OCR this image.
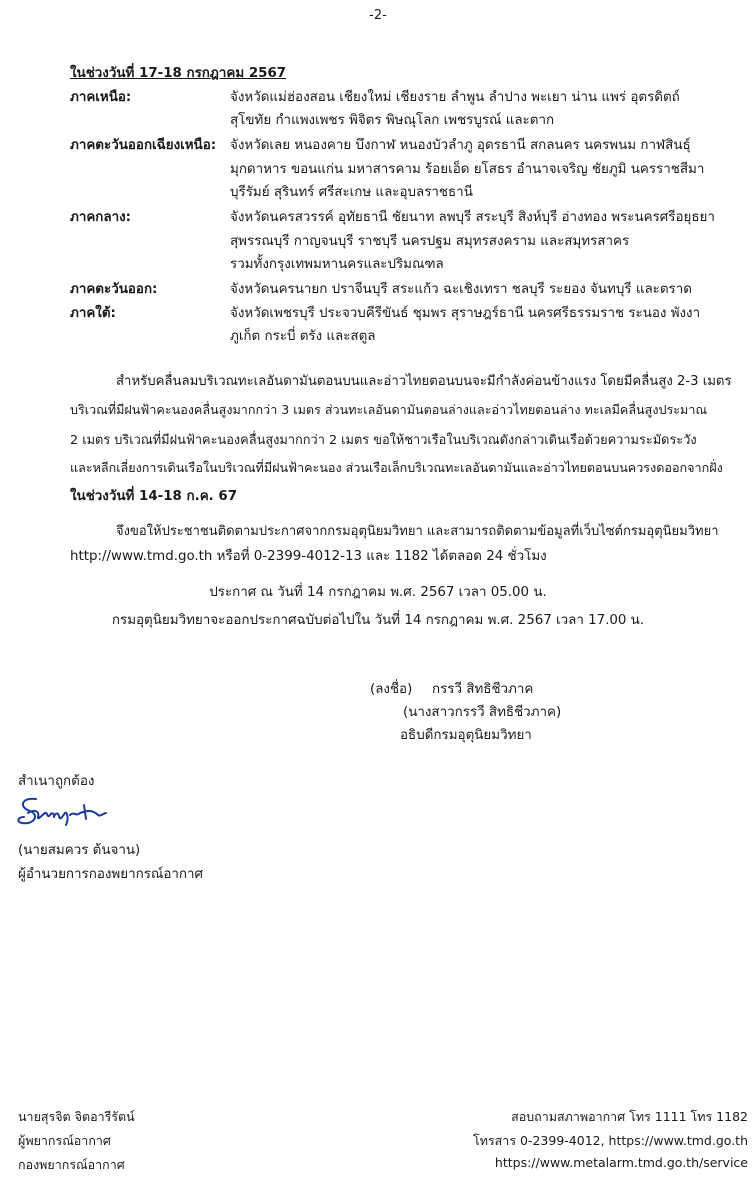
-2-
ในช่วงวันที่ 17-18 กรกฎาคม 2567
ภาคเหนือ:	จังหวัดแม่ฮ่องสอน เชียงใหม่ เชียงราย ลำพูน ลำปาง พะเยา น่าน แพร่ อุตรดิตถ์
สุโขทัย กำแพงเพชร พิจิตร พิษณุโลก เพชรบูรณ์ และตาก
ภาคตะวันออกเฉียงเหนือ: จังหวัดเลย หนองคาย บึงกาฬ หนองบัวลำภู อุดรธานี สกลนคร นครพนม กาฬสินธุ์
มุกดาหาร ขอนแก่น มหาสารคาม ร้อยเอ็ด ยโสธร อำนาจเจริญ ชัยภูมิ นครราชสีมา
บุรีรัมย์ สุรินทร์ ศรีสะเกษ และอุบลราชธานี
ภาคกลาง:	จังหวัดนครสวรรค์ อุทัยธานี ชัยนาท ลพบุรี สระบุรี สิงห์บุรี อ่างทอง พระนครศรีอยุธยา
สุพรรณบุรี กาญจนบุรี ราชบุรี นครปฐม สมุทรสงคราม และสมุทรสาคร
รวมทั้งกรุงเทพมหานครและปริมณฑล
ภาคตะวันออก:	จังหวัดนครนายก ปราจีนบุรี สระแก้ว ฉะเชิงเทรา ชลบุรี ระยอง จันทบุรี และตราด
ภาคใต้:	จังหวัดเพชรบุรี ประจวบคีรีขันธ์ ชุมพร สุราษฎร์ธานี นครศรีธรรมราช ระนอง พังงา
ภูเก็ต กระบี่ ตรัง และสตูล
สำหรับคลื่นลมบริเวณทะเลอันดามันตอนบนและอ่าวไทยตอนบนจะมีกำลังค่อนข้างแรง โดยมีคลื่นสูง 2-3 เมตร
บริเวณที่มีฝนฟ้าคะนองคลื่นสูงมากกว่า 3 เมตร ส่วนทะเลอันดามันตอนล่างและอ่าวไทยตอนล่าง ทะเลมีคลื่นสูงประมาณ
2 เมตร บริเวณที่มีฝนฟ้าคะนองคลื่นสูงมากกว่า 2 เมตร ขอให้ชาวเรือในบริเวณดังกล่าวเดินเรือด้วยความระมัดระวัง
และหลีกเลี่ยงการเดินเรือในบริเวณที่มีฝนฟ้าคะนอง ส่วนเรือเล็กบริเวณทะเลอันดามันและอ่าวไทยตอนบนควรงดออกจากฝั่ง
ในช่วงวันที่ 14-18 ก.ค. 67
จึงขอให้ประชาชนติดตามประกาศจากกรมอุตุนิยมวิทยา และสามารถติดตามข้อมูลที่เว็บไซต์กรมอุตุนิยมวิทยา
http://www.tmd.go.th หรือที่ 0-2399-4012-13 และ 1182 ได้ตลอด 24 ชั่วโมง
ประกาศ ณ วันที่ 14 กรกฎาคม พ.ศ. 2567 เวลา 05.00 น.
กรมอุตุนิยมวิทยาจะออกประกาศฉบับต่อไปใน วันที่ 14 กรกฎาคม พ.ศ. 2567 เวลา 17.00 น.
(ลงชื่อ) กรรวี สิทธิชีวภาค
(นางสาวกรรวี สิทธิชีวภาค)
อธิบดีกรมอุตุนิยมวิทยา
สำเนาถูกต้อง
(นายสมควร ต้นจาน)
ผู้อำนวยการกองพยากรณ์อากาศ
นายสุรจิต จิตอารีรัตน์
ผู้พยากรณ์อากาศ
กองพยากรณ์อากาศ
สอบถามสภาพอากาศ โทร 1111 โทร 1182
โทรสาร 0-2399-4012, https://www.tmd.go.th
https://www.metalarm.tmd.go.th/service
